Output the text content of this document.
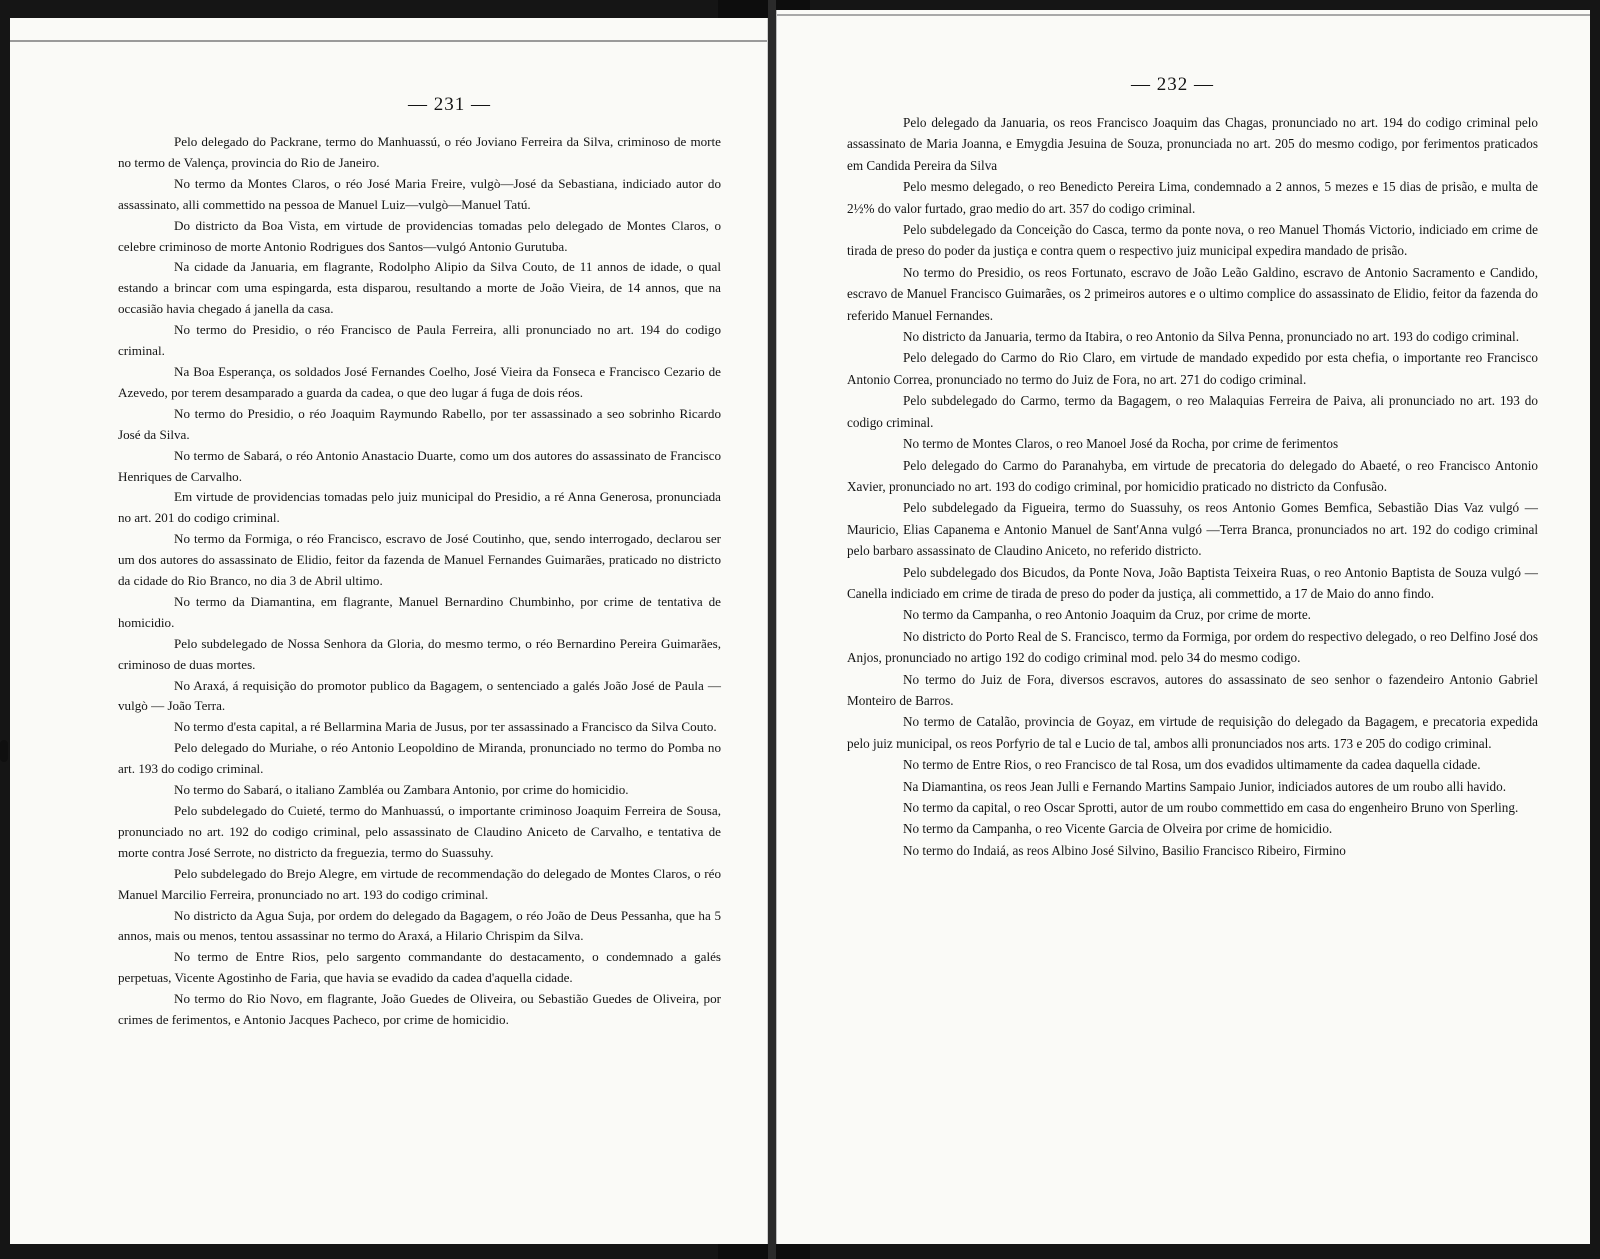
— 231 —

Pelo delegado do Packrane, termo do Manhuassú, o réo Joviano Ferreira da Silva, criminoso de morte no termo de Valença, provincia do Rio de Janeiro.

No termo da Montes Claros, o réo José Maria Freire, vulgò—José da Sebastiana, indiciado autor do assassinato, alli commettido na pessoa de Manuel Luiz—vulgò—Manuel Tatú.

Do districto da Boa Vista, em virtude de providencias tomadas pelo delegado de Montes Claros, o celebre criminoso de morte Antonio Rodrigues dos Santos—vulgó Antonio Gurutuba.

Na cidade da Januaria, em flagrante, Rodolpho Alipio da Silva Couto, de 11 annos de idade, o qual estando a brincar com uma espingarda, esta disparou, resultando a morte de João Vieira, de 14 annos, que na occasião havia chegado á janella da casa.

No termo do Presidio, o réo Francisco de Paula Ferreira, alli pronunciado no art. 194 do codigo criminal.

Na Boa Esperança, os soldados José Fernandes Coelho, José Vieira da Fonseca e Francisco Cezario de Azevedo, por terem desamparado a guarda da cadea, o que deo lugar á fuga de dois réos.

No termo do Presidio, o réo Joaquim Raymundo Rabello, por ter assassinado a seo sobrinho Ricardo José da Silva.

No termo de Sabará, o réo Antonio Anastacio Duarte, como um dos autores do assassinato de Francisco Henriques de Carvalho.

Em virtude de providencias tomadas pelo juiz municipal do Presidio, a ré Anna Generosa, pronunciada no art. 201 do codigo criminal.

No termo da Formiga, o réo Francisco, escravo de José Coutinho, que, sendo interrogado, declarou ser um dos autores do assassinato de Elidio, feitor da fazenda de Manuel Fernandes Guimarães, praticado no districto da cidade do Rio Branco, no dia 3 de Abril ultimo.

No termo da Diamantina, em flagrante, Manuel Bernardino Chumbinho, por crime de tentativa de homicidio.

Pelo subdelegado de Nossa Senhora da Gloria, do mesmo termo, o réo Bernardino Pereira Guimarães, criminoso de duas mortes.

No Araxá, á requisição do promotor publico da Bagagem, o sentenciado a galés João José de Paula —vulgò — João Terra.

No termo d'esta capital, a ré Bellarmina Maria de Jusus, por ter assassinado a Francisco da Silva Couto.

Pelo delegado do Muriahe, o réo Antonio Leopoldino de Miranda, pronunciado no termo do Pomba no art. 193 do codigo criminal.

No termo do Sabará, o italiano Zambléa ou Zambara Antonio, por crime do homicidio.

Pelo subdelegado do Cuieté, termo do Manhuassú, o importante criminoso Joaquim Ferreira de Sousa, pronunciado no art. 192 do codigo criminal, pelo assassinato de Claudino Aniceto de Carvalho, e tentativa de morte contra José Serrote, no districto da freguezia, termo do Suassuhy.

Pelo subdelegado do Brejo Alegre, em virtude de recommendação do delegado de Montes Claros, o réo Manuel Marcilio Ferreira, pronunciado no art. 193 do codigo criminal.

No districto da Agua Suja, por ordem do delegado da Bagagem, o réo João de Deus Pessanha, que ha 5 annos, mais ou menos, tentou assassinar no termo do Araxá, a Hilario Chrispim da Silva.

No termo de Entre Rios, pelo sargento commandante do destacamento, o condemnado a galés perpetuas, Vicente Agostinho de Faria, que havia se evadido da cadea d'aquella cidade.

No termo do Rio Novo, em flagrante, João Guedes de Oliveira, ou Sebastião Guedes de Oliveira, por crimes de ferimentos, e Antonio Jacques Pacheco, por crime de homicidio.

— 232 —

Pelo delegado da Januaria, os reos Francisco Joaquim das Chagas, pronunciado no art. 194 do codigo criminal pelo assassinato de Maria Joanna, e Emygdia Jesuina de Souza, pronunciada no art. 205 do mesmo codigo, por ferimentos praticados em Candida Pereira da Silva

Pelo mesmo delegado, o reo Benedicto Pereira Lima, condemnado a 2 annos, 5 mezes e 15 dias de prisão, e multa de 2½% do valor furtado, grao medio do art. 357 do codigo criminal.

Pelo subdelegado da Conceição do Casca, termo da ponte nova, o reo Manuel Thomás Victorio, indiciado em crime de tirada de preso do poder da justiça e contra quem o respectivo juiz municipal expedira mandado de prisão.

No termo do Presidio, os reos Fortunato, escravo de João Leão Galdino, escravo de Antonio Sacramento e Candido, escravo de Manuel Francisco Guimarães, os 2 primeiros autores e o ultimo complice do assassinato de Elidio, feitor da fazenda do referido Manuel Fernandes.

No districto da Januaria, termo da Itabira, o reo Antonio da Silva Penna, pronunciado no art. 193 do codigo criminal.

Pelo delegado do Carmo do Rio Claro, em virtude de mandado expedido por esta chefia, o importante reo Francisco Antonio Correa, pronunciado no termo do Juiz de Fora, no art. 271 do codigo criminal.

Pelo subdelegado do Carmo, termo da Bagagem, o reo Malaquias Ferreira de Paiva, ali pronunciado no art. 193 do codigo criminal.

No termo de Montes Claros, o reo Manoel José da Rocha, por crime de ferimentos

Pelo delegado do Carmo do Paranahyba, em virtude de precatoria do delegado do Abaeté, o reo Francisco Antonio Xavier, pronunciado no art. 193 do codigo criminal, por homicidio praticado no districto da Confusão.

Pelo subdelegado da Figueira, termo do Suassuhy, os reos Antonio Gomes Bemfica, Sebastião Dias Vaz vulgó —Mauricio, Elias Capanema e Antonio Manuel de Sant'Anna vulgó —Terra Branca, pronunciados no art. 192 do codigo criminal pelo barbaro assassinato de Claudino Aniceto, no referido districto.

Pelo subdelegado dos Bicudos, da Ponte Nova, João Baptista Teixeira Ruas, o reo Antonio Baptista de Souza vulgó — Canella indiciado em crime de tirada de preso do poder da justiça, ali commettido, a 17 de Maio do anno findo.

No termo da Campanha, o reo Antonio Joaquim da Cruz, por crime de morte.

No districto do Porto Real de S. Francisco, termo da Formiga, por ordem do respectivo delegado, o reo Delfino José dos Anjos, pronunciado no artigo 192 do codigo criminal mod. pelo 34 do mesmo codigo.

No termo do Juiz de Fora, diversos escravos, autores do assassinato de seo senhor o fazendeiro Antonio Gabriel Monteiro de Barros.

No termo de Catalão, provincia de Goyaz, em virtude de requisição do delegado da Bagagem, e precatoria expedida pelo juiz municipal, os reos Porfyrio de tal e Lucio de tal, ambos alli pronunciados nos arts. 173 e 205 do codigo criminal.

No termo de Entre Rios, o reo Francisco de tal Rosa, um dos evadidos ultimamente da cadea daquella cidade.

Na Diamantina, os reos Jean Julli e Fernando Martins Sampaio Junior, indiciados autores de um roubo alli havido.

No termo da capital, o reo Oscar Sprotti, autor de um roubo commettido em casa do engenheiro Bruno von Sperling.

No termo da Campanha, o reo Vicente Garcia de Olveira por crime de homicidio.

No termo do Indaiá, as reos Albino José Silvino, Basilio Francisco Ribeiro, Firmino
